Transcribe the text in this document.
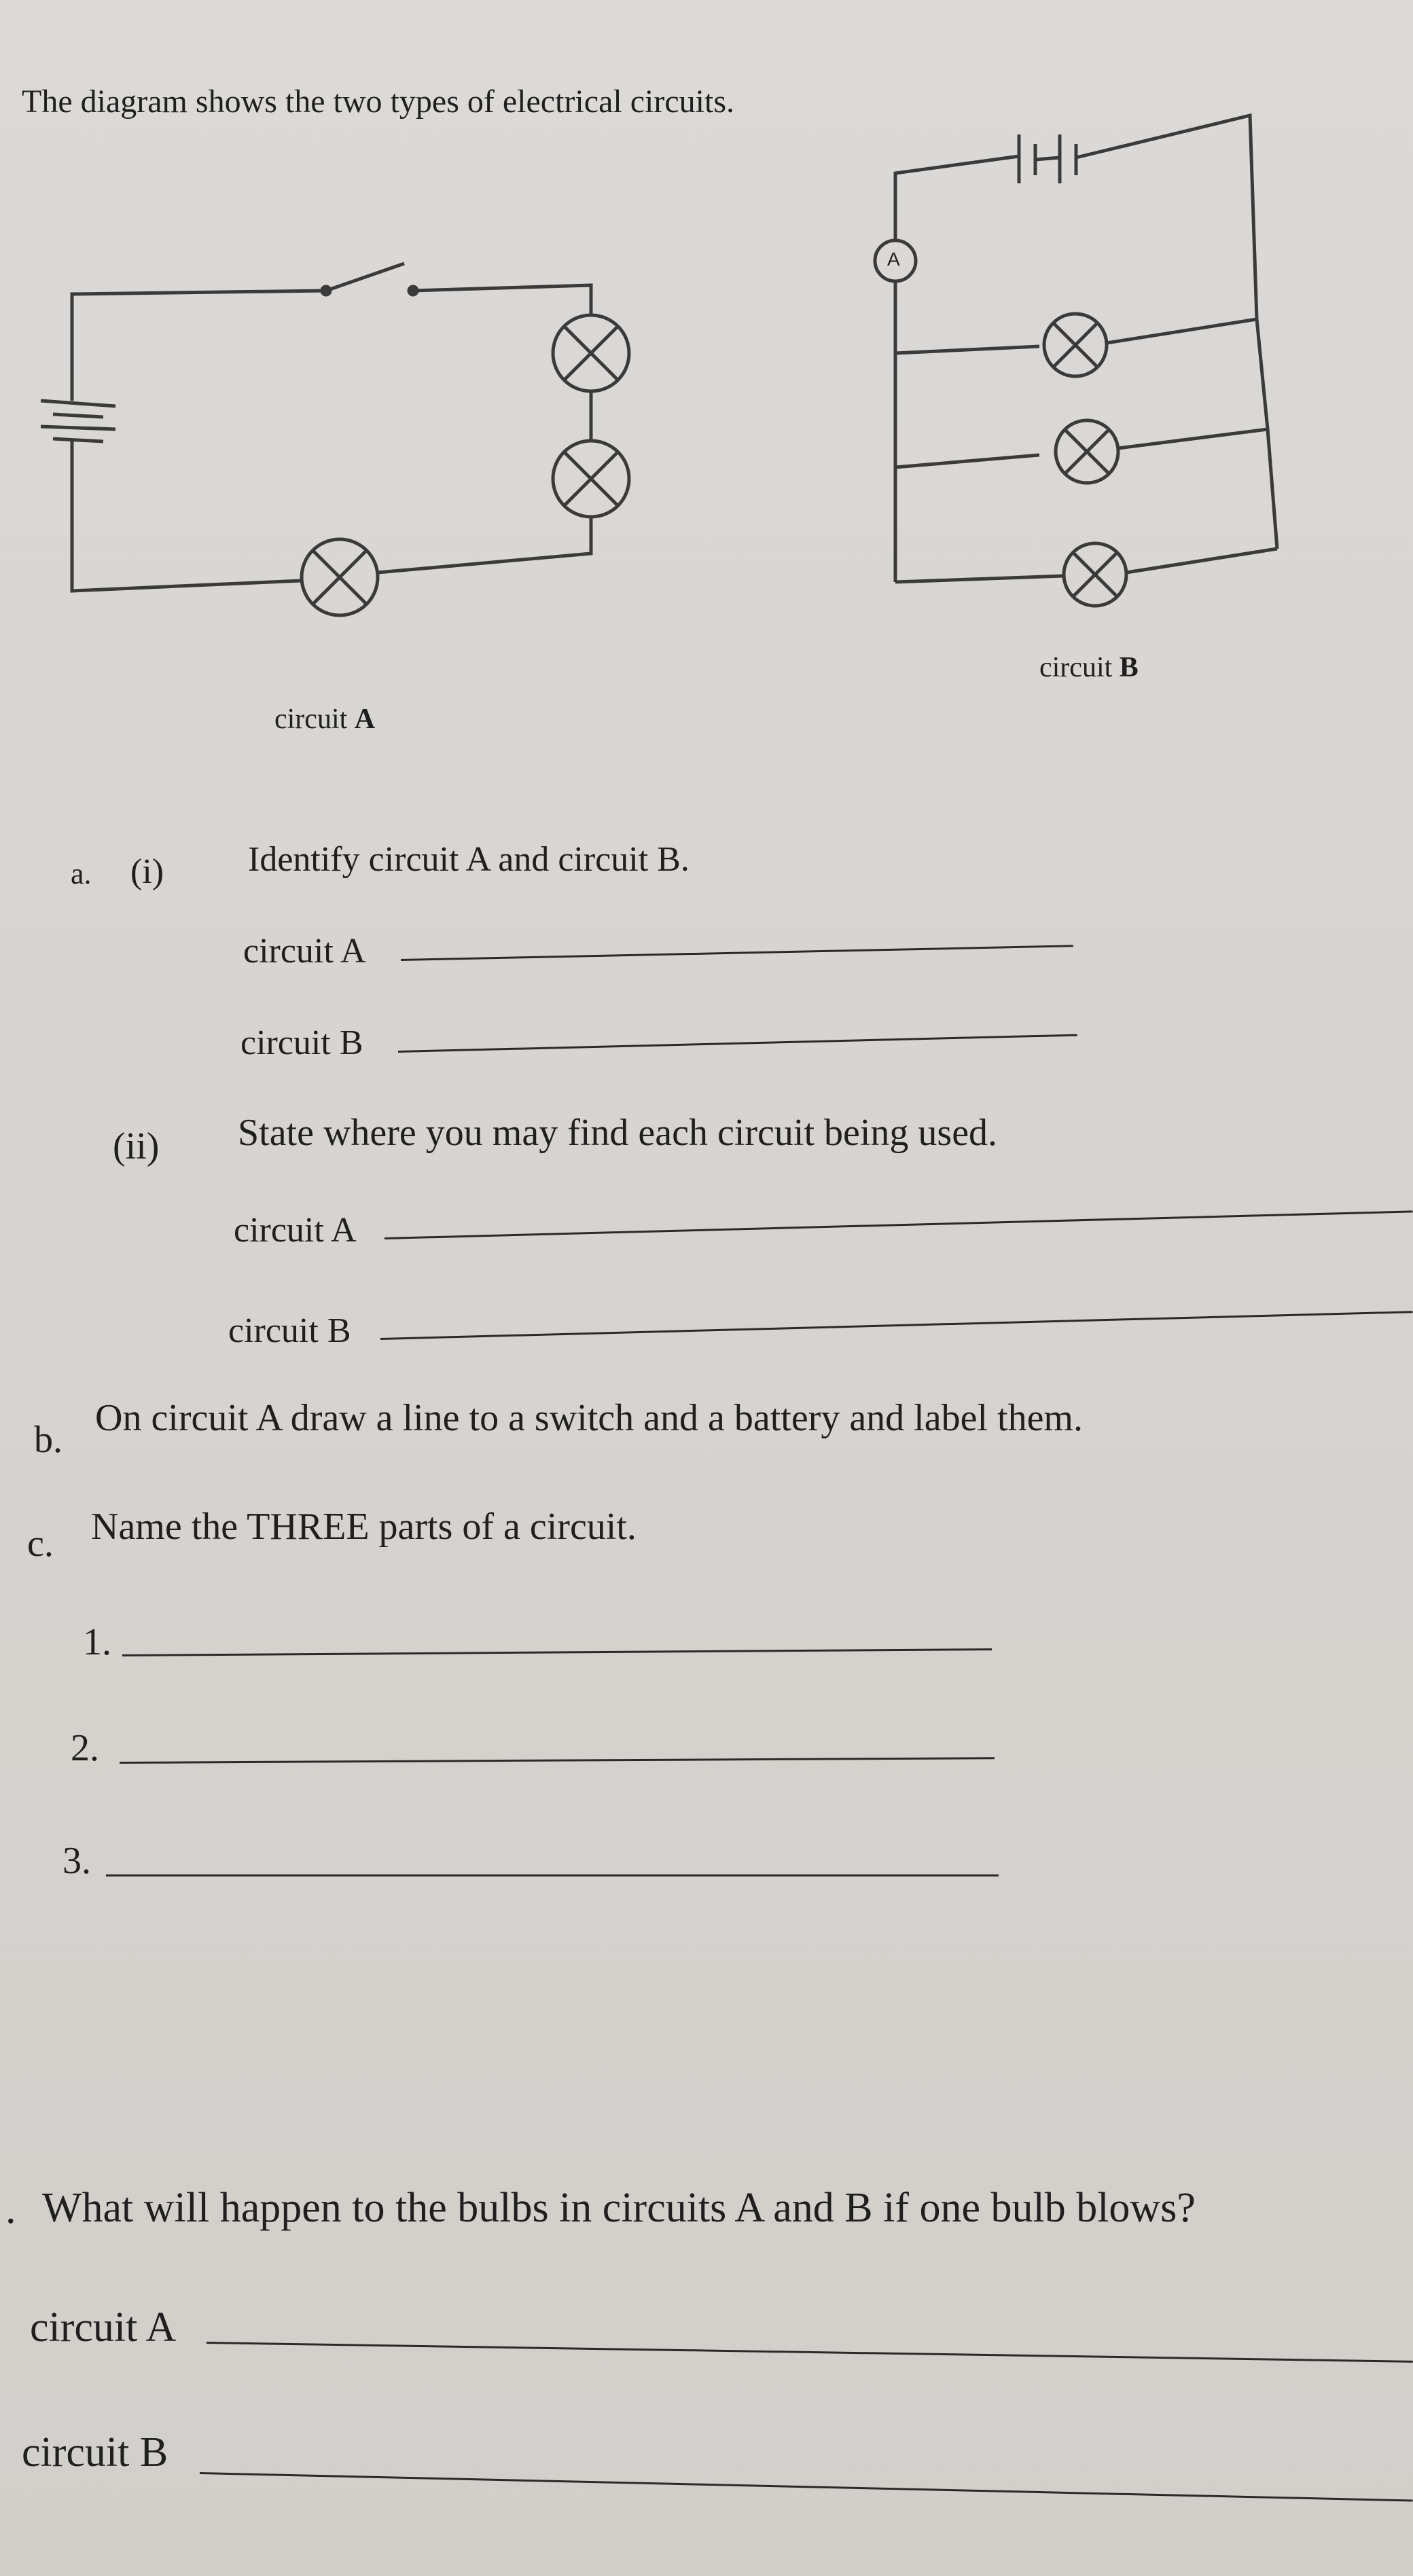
The diagram shows the two types of electrical circuits.
A
circuit A
circuit B
a. (i) Identify circuit A and circuit B.
circuit A
circuit B
(ii) State where you may find each circuit being used.
circuit A
circuit B
b.
On circuit A draw a line to a switch and a battery and label them.
c. Name the THREE parts of a circuit.
1.
2.
3.
. What will happen to the bulbs in circuits A and B if one bulb blows?
circuit A
circuit B
